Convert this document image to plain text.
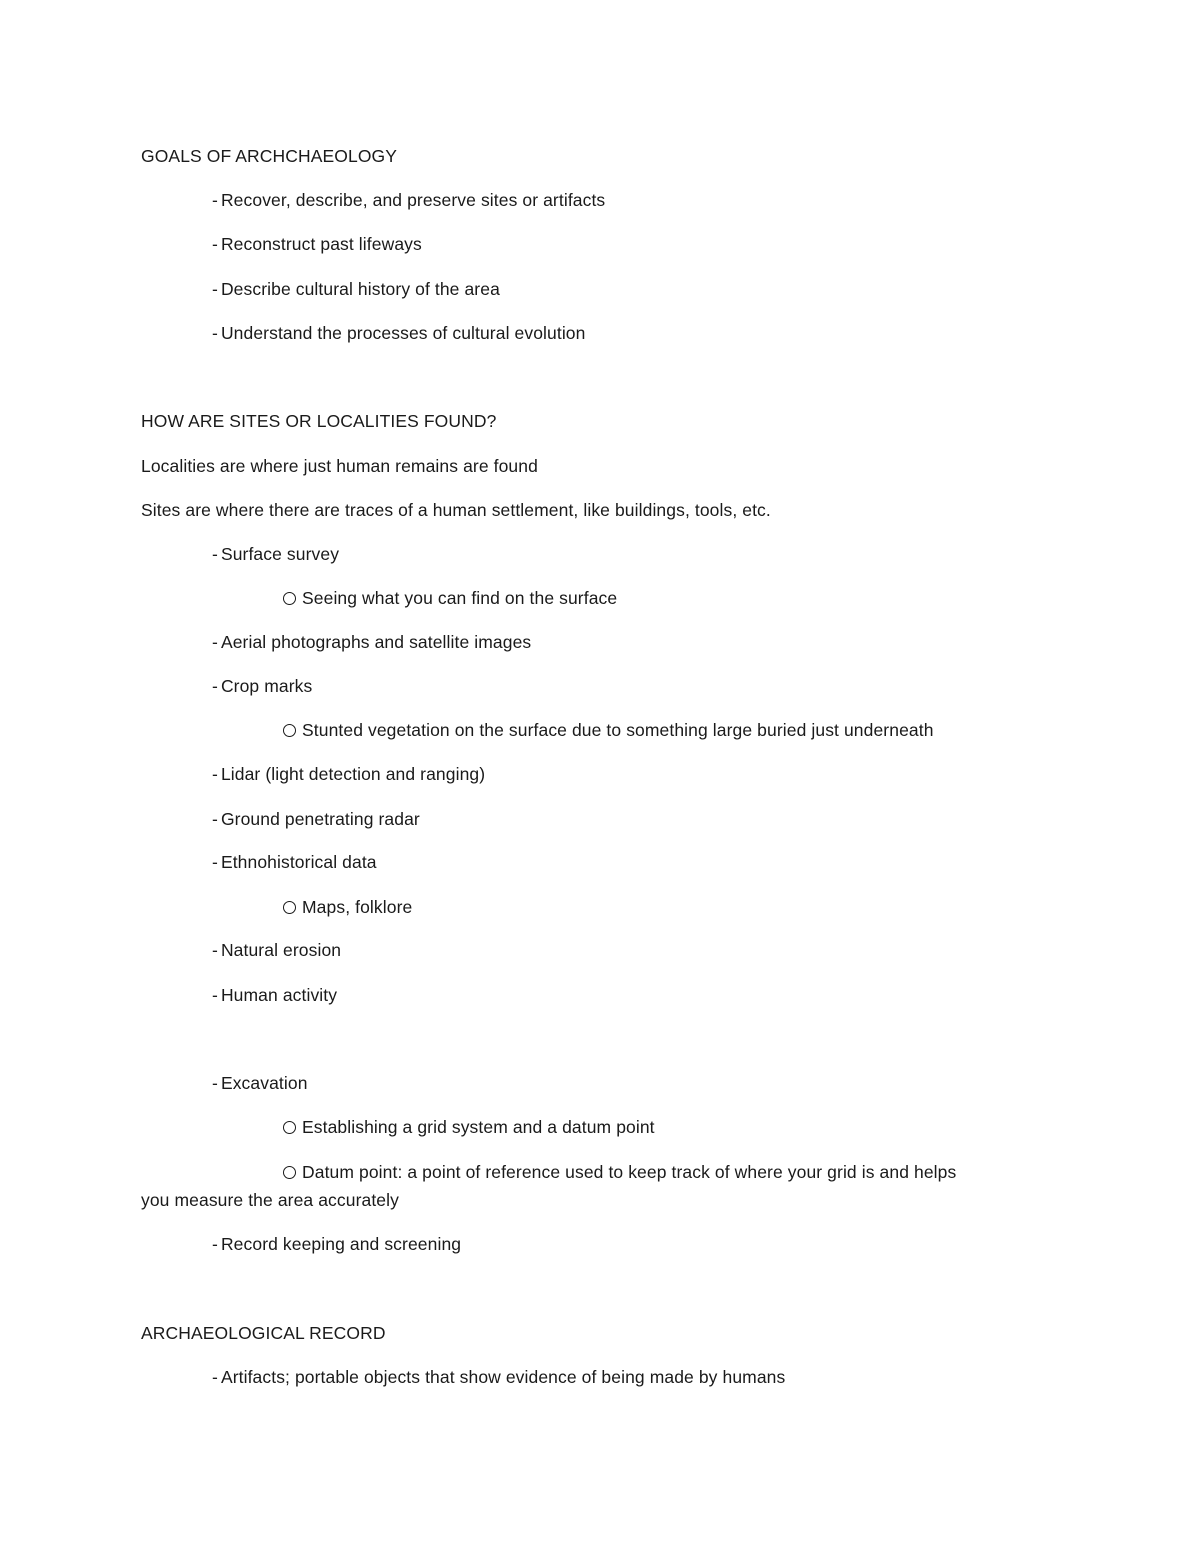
GOALS OF ARCHCHAEOLOGY
- Recover, describe, and preserve sites or artifacts
- Reconstruct past lifeways
- Describe cultural history of the area
- Understand the processes of cultural evolution
HOW ARE SITES OR LOCALITIES FOUND?
Localities are where just human remains are found
Sites are where there are traces of a human settlement, like buildings, tools, etc.
- Surface survey
Seeing what you can find on the surface
- Aerial photographs and satellite images
- Crop marks
Stunted vegetation on the surface due to something large buried just underneath
- Lidar (light detection and ranging)
- Ground penetrating radar
- Ethnohistorical data
Maps, folklore
- Natural erosion
- Human activity
- Excavation
Establishing a grid system and a datum point
Datum point: a point of reference used to keep track of where your grid is and helps
you measure the area accurately
- Record keeping and screening
ARCHAEOLOGICAL RECORD
- Artifacts; portable objects that show evidence of being made by humans
